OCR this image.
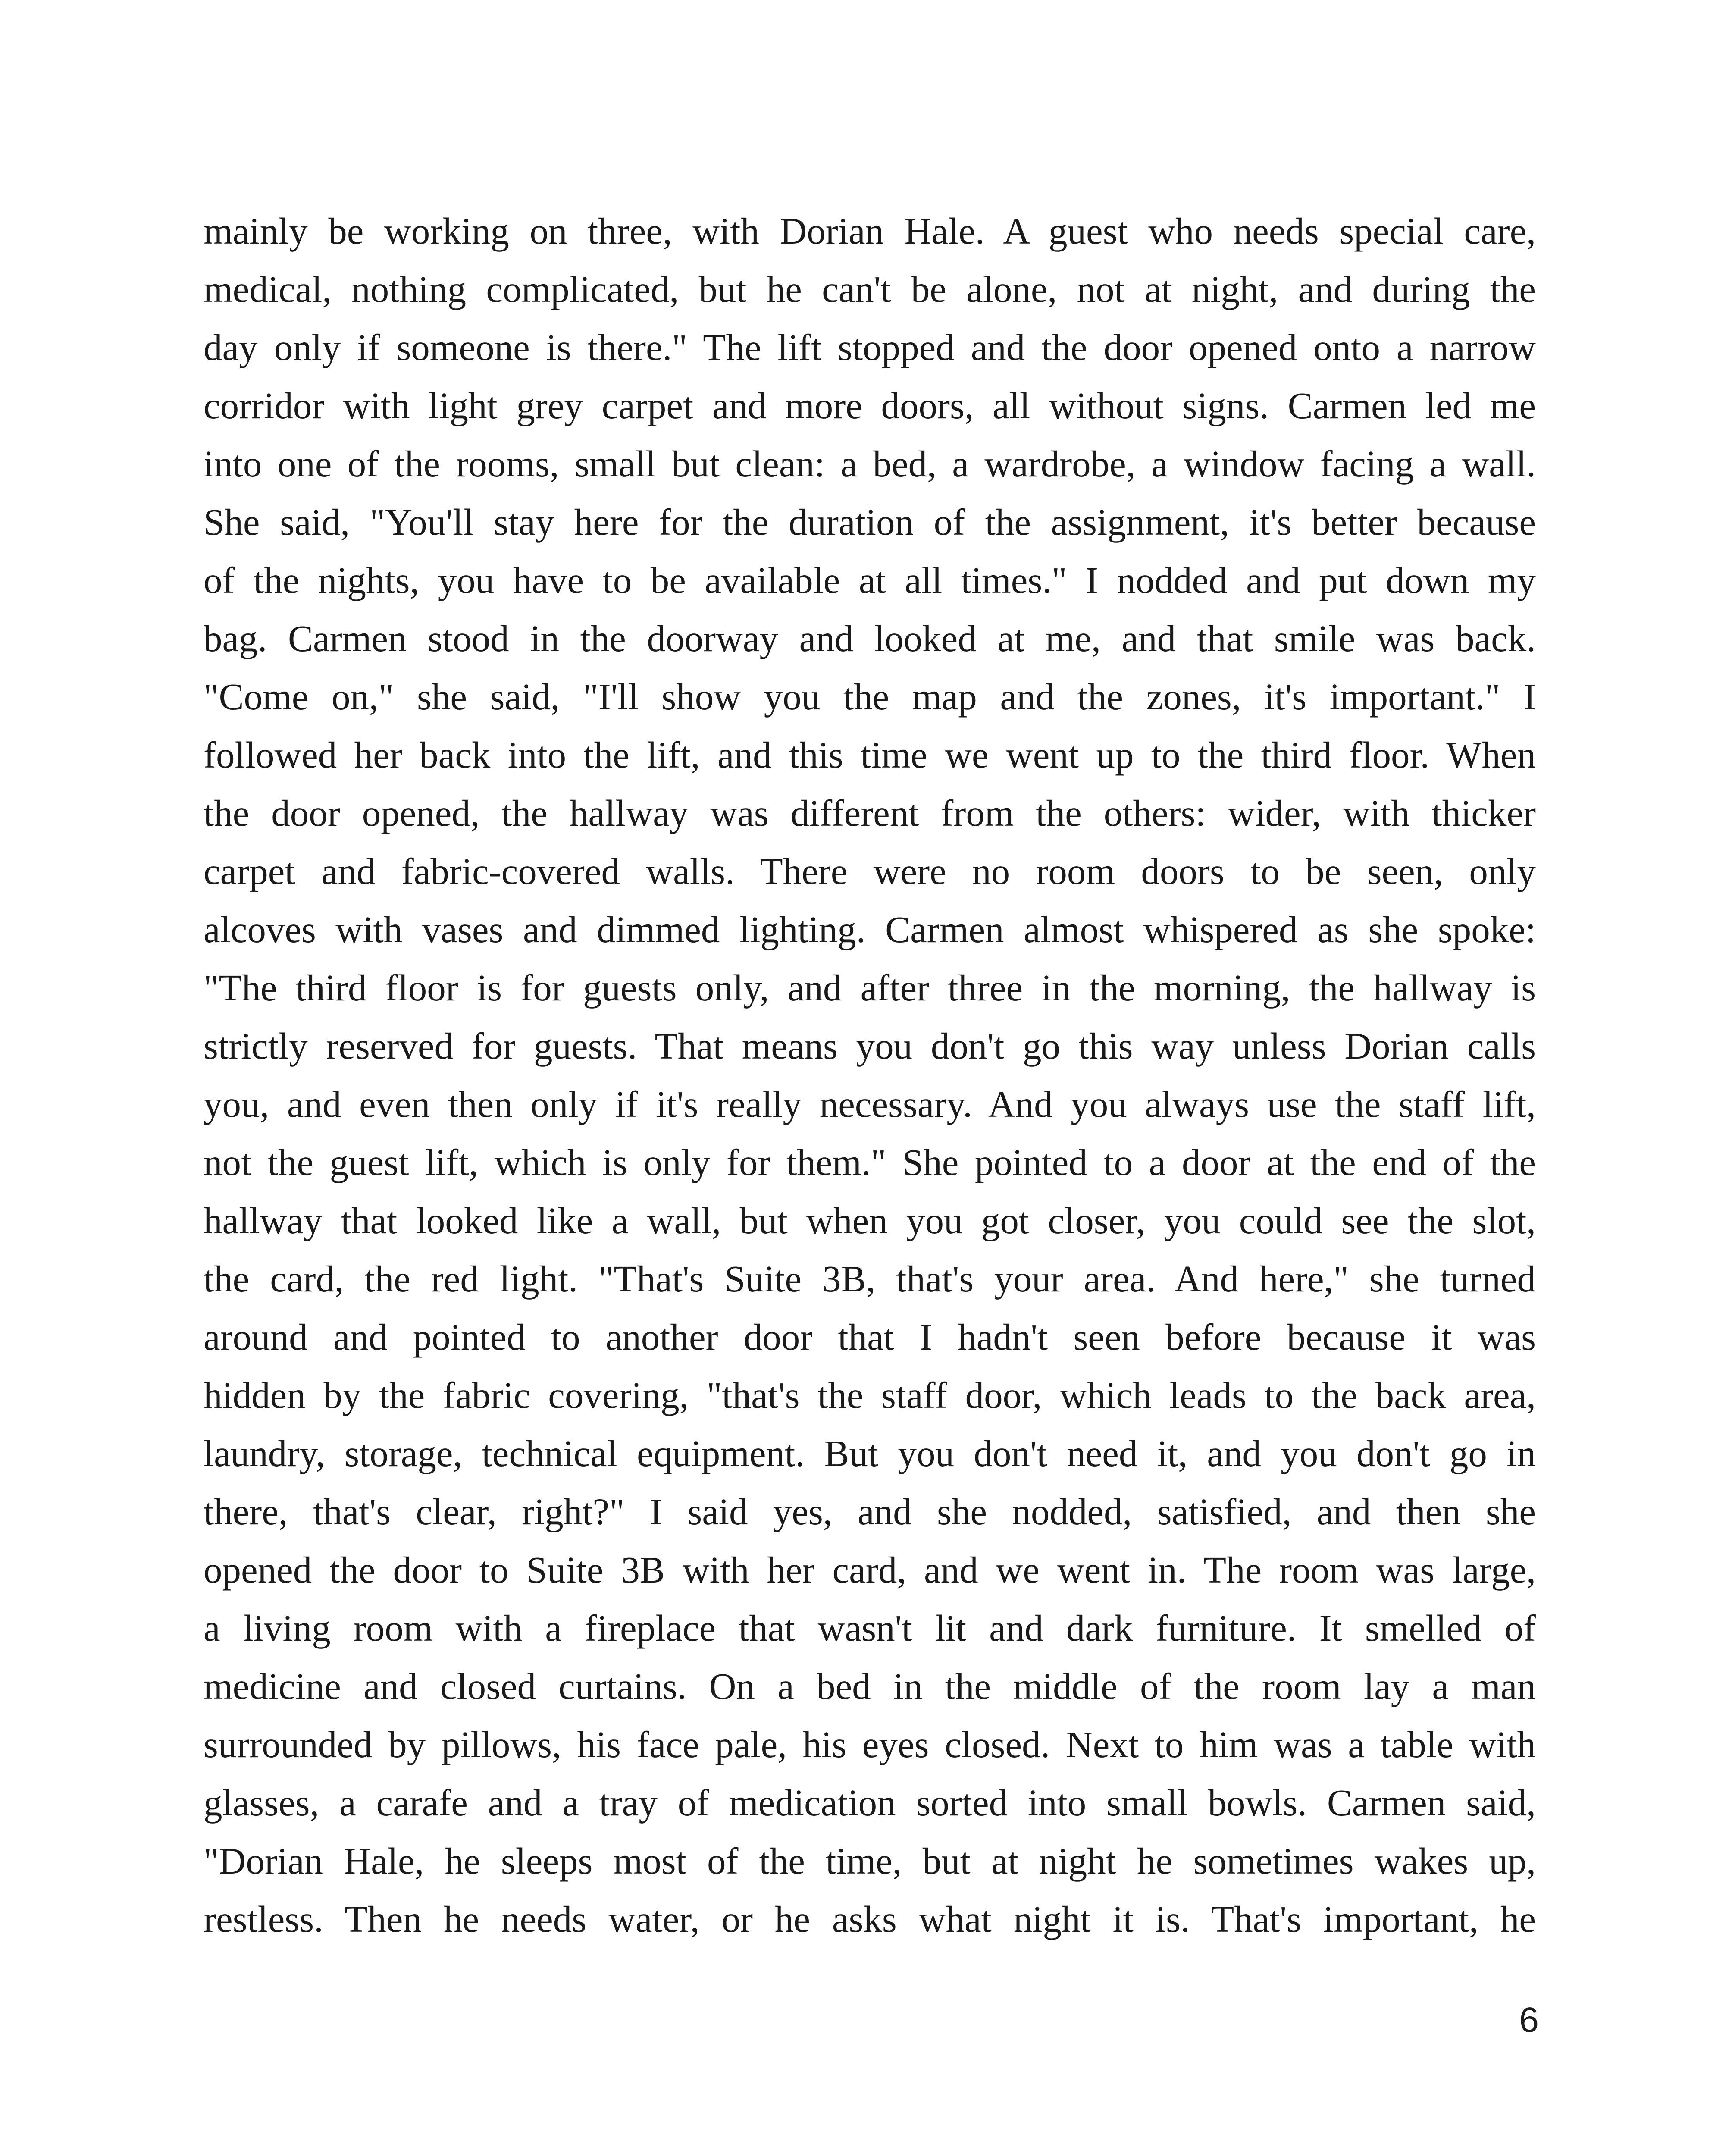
mainly be working on three, with Dorian Hale. A guest who needs special care,
medical, nothing complicated, but he can't be alone, not at night, and during the
day only if someone is there." The lift stopped and the door opened onto a narrow
corridor with light grey carpet and more doors, all without signs. Carmen led me
into one of the rooms, small but clean: a bed, a wardrobe, a window facing a wall.
She said, "You'll stay here for the duration of the assignment, it's better because
of the nights, you have to be available at all times." I nodded and put down my
bag. Carmen stood in the doorway and looked at me, and that smile was back.
"Come on," she said, "I'll show you the map and the zones, it's important." I
followed her back into the lift, and this time we went up to the third floor. When
the door opened, the hallway was different from the others: wider, with thicker
carpet and fabric-covered walls. There were no room doors to be seen, only
alcoves with vases and dimmed lighting. Carmen almost whispered as she spoke:
"The third floor is for guests only, and after three in the morning, the hallway is
strictly reserved for guests. That means you don't go this way unless Dorian calls
you, and even then only if it's really necessary. And you always use the staff lift,
not the guest lift, which is only for them." She pointed to a door at the end of the
hallway that looked like a wall, but when you got closer, you could see the slot,
the card, the red light. "That's Suite 3B, that's your area. And here," she turned
around and pointed to another door that I hadn't seen before because it was
hidden by the fabric covering, "that's the staff door, which leads to the back area,
laundry, storage, technical equipment. But you don't need it, and you don't go in
there, that's clear, right?" I said yes, and she nodded, satisfied, and then she
opened the door to Suite 3B with her card, and we went in. The room was large,
a living room with a fireplace that wasn't lit and dark furniture. It smelled of
medicine and closed curtains. On a bed in the middle of the room lay a man
surrounded by pillows, his face pale, his eyes closed. Next to him was a table with
glasses, a carafe and a tray of medication sorted into small bowls. Carmen said,
"Dorian Hale, he sleeps most of the time, but at night he sometimes wakes up,
restless. Then he needs water, or he asks what night it is. That's important, he
6
